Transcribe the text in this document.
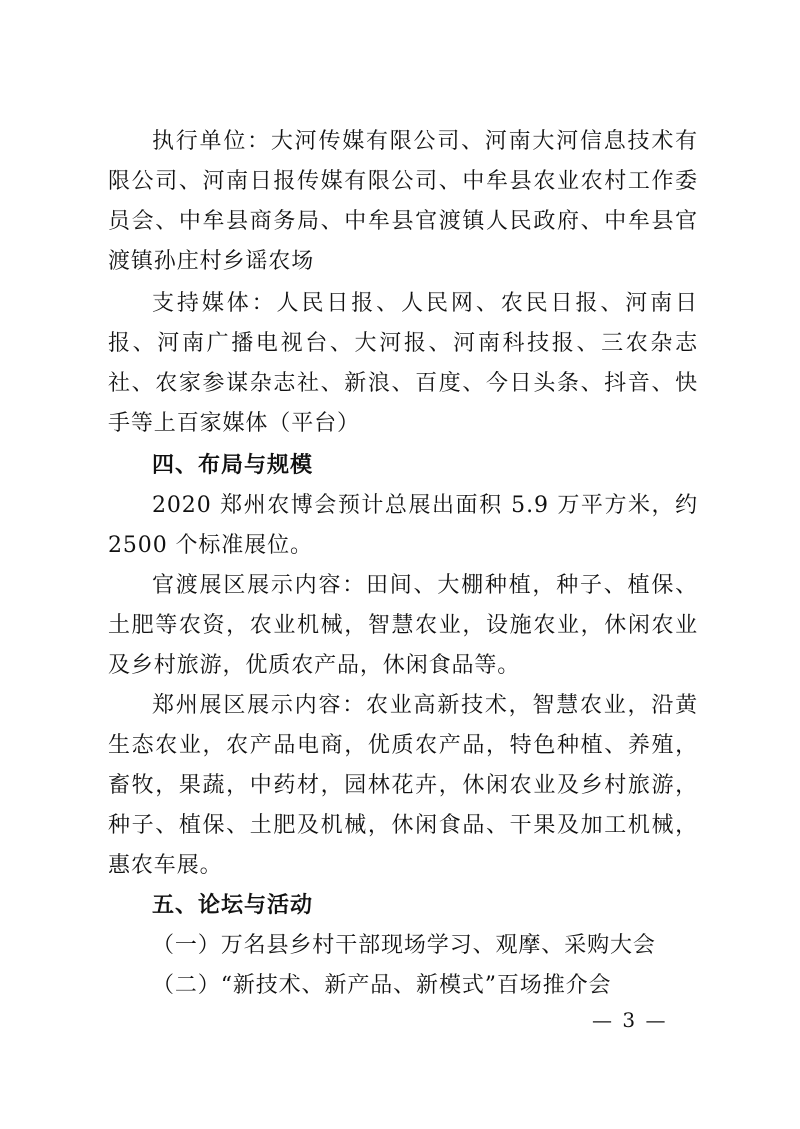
执行单位：大河传媒有限公司、河南大河信息技术有限公司、河南日报传媒有限公司、中牟县农业农村工作委员会、中牟县商务局、中牟县官渡镇人民政府、中牟县官渡镇孙庄村乡谣农场

支持媒体：人民日报、人民网、农民日报、河南日报、河南广播电视台、大河报、河南科技报、三农杂志社、农家参谋杂志社、新浪、百度、今日头条、抖音、快手等上百家媒体（平台）

四、布局与规模

2020 郑州农博会预计总展出面积 5.9 万平方米，约 2500 个标准展位。

官渡展区展示内容：田间、大棚种植，种子、植保、土肥等农资，农业机械，智慧农业，设施农业，休闲农业及乡村旅游，优质农产品，休闲食品等。

郑州展区展示内容：农业高新技术，智慧农业，沿黄生态农业，农产品电商，优质农产品，特色种植、养殖，畜牧，果蔬，中药材，园林花卉，休闲农业及乡村旅游，种子、植保、土肥及机械，休闲食品、干果及加工机械，惠农车展。

五、论坛与活动

（一）万名县乡村干部现场学习、观摩、采购大会

（二）“新技术、新产品、新模式”百场推介会

— 3 —
